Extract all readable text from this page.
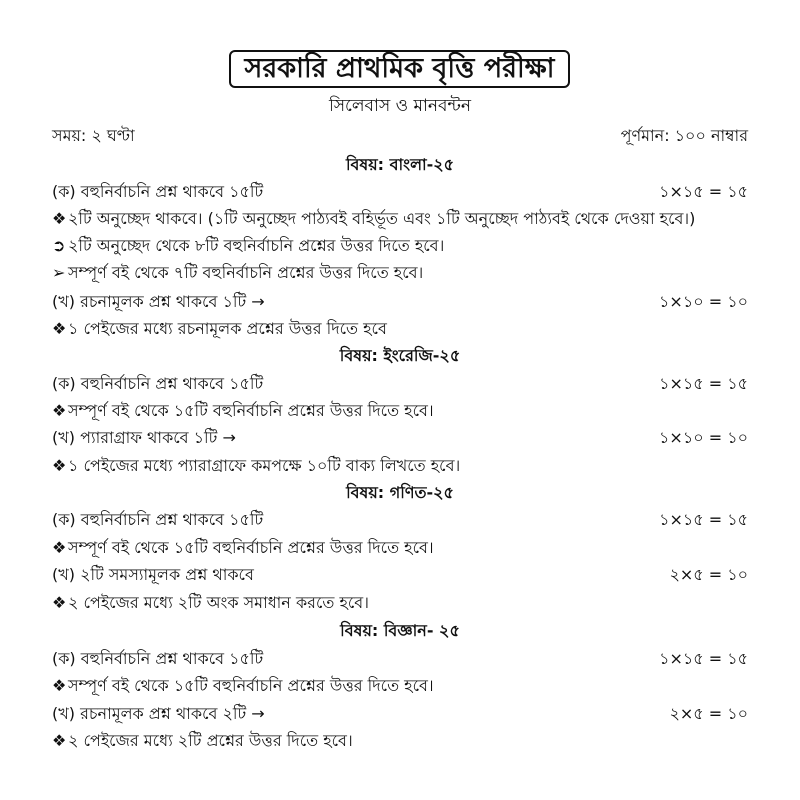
সরকারি প্রাথমিক বৃত্তি পরীক্ষা
সিলেবাস ও মানবন্টন
সময়: ২ ঘণ্টা	পূর্ণমান: ১০০ নাম্বার
বিষয়: বাংলা-২৫
(ক) বহুনির্বাচনি প্রশ্ন থাকবে ১৫টি	১×১৫ = ১৫
❖ ২টি অনুচ্ছেদ থাকবে। (১টি অনুচ্ছেদ পাঠ্যবই বহির্ভূত এবং ১টি অনুচ্ছেদ পাঠ্যবই থেকে দেওয়া হবে।)
➲ ২টি অনুচ্ছেদ থেকে ৮টি বহুনির্বাচনি প্রশ্নের উত্তর দিতে হবে।
➢ সম্পূর্ণ বই থেকে ৭টি বহুনির্বাচনি প্রশ্নের উত্তর দিতে হবে।
(খ) রচনামূলক প্রশ্ন থাকবে ১টি →	১×১০ = ১০
❖ ১ পেইজের মধ্যে রচনামূলক প্রশ্নের উত্তর দিতে হবে
বিষয়: ইংরেজি-২৫
(ক) বহুনির্বাচনি প্রশ্ন থাকবে ১৫টি	১×১৫ = ১৫
❖ সম্পূর্ণ বই থেকে ১৫টি বহুনির্বাচনি প্রশ্নের উত্তর দিতে হবে।
(খ) প্যারাগ্রাফ থাকবে ১টি →	১×১০ = ১০
❖ ১ পেইজের মধ্যে প্যারাগ্রাফে কমপক্ষে ১০টি বাক্য লিখতে হবে।
বিষয়: গণিত-২৫
(ক) বহুনির্বাচনি প্রশ্ন থাকবে ১৫টি	১×১৫ = ১৫
❖ সম্পূর্ণ বই থেকে ১৫টি বহুনির্বাচনি প্রশ্নের উত্তর দিতে হবে।
(খ) ২টি সমস্যামূলক প্রশ্ন থাকবে	২×৫ = ১০
❖ ২ পেইজের মধ্যে ২টি অংক সমাধান করতে হবে।
বিষয়: বিজ্ঞান- ২৫
(ক) বহুনির্বাচনি প্রশ্ন থাকবে ১৫টি	১×১৫ = ১৫
❖ সম্পূর্ণ বই থেকে ১৫টি বহুনির্বাচনি প্রশ্নের উত্তর দিতে হবে।
(খ) রচনামূলক প্রশ্ন থাকবে ২টি →	২×৫ = ১০
❖ ২ পেইজের মধ্যে ২টি প্রশ্নের উত্তর দিতে হবে।
